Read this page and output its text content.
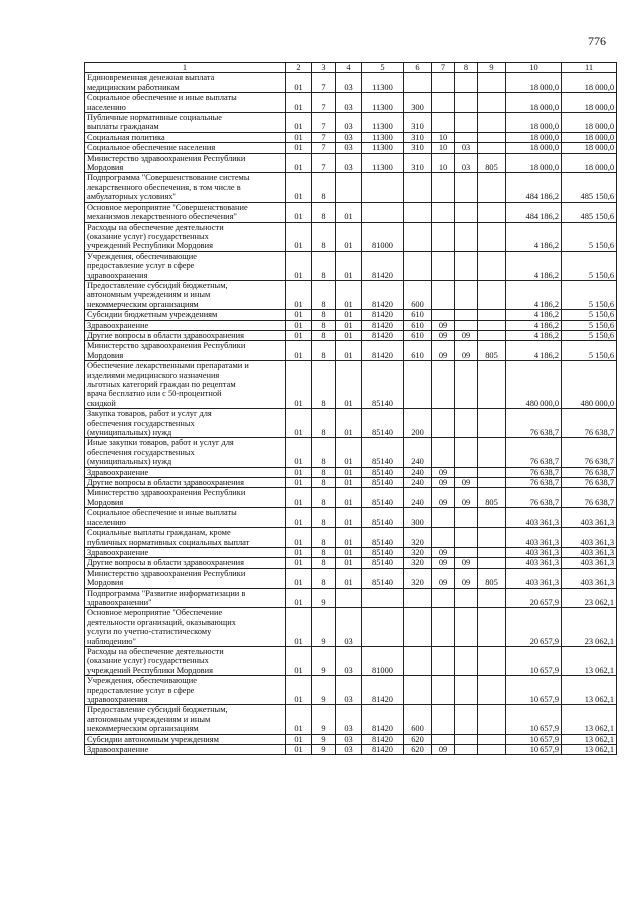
776
1	2	3	4	5	6	7	8	9	10	11
Единовременная денежная выплата
медицинским работникам	01	7	03	11300					18 000,0	18 000,0
Социальное обеспечение и иные выплаты
населению	01	7	03	11300	300				18 000,0	18 000,0
Публичные нормативные социальные
выплаты гражданам	01	7	03	11300	310				18 000,0	18 000,0
Социальная политика	01	7	03	11300	310	10			18 000,0	18 000,0
Социальное обеспечение населения	01	7	03	11300	310	10	03		18 000,0	18 000,0
Министерство здравоохранения Республики
Мордовия	01	7	03	11300	310	10	03	805	18 000,0	18 000,0
Подпрограмма "Совершенствование системы
лекарственного обеспечения, в том числе в
амбулаторных условиях"	01	8							484 186,2	485 150,6
Основное мероприятие "Совершенствование
механизмов лекарственного обеспечения"	01	8	01						484 186,2	485 150,6
Расходы на обеспечение деятельности
(оказание услуг) государственных
учреждений Республики Мордовия	01	8	01	81000					4 186,2	5 150,6
Учреждения, обеспечивающие
предоставление услуг в сфере
здравоохранения	01	8	01	81420					4 186,2	5 150,6
Предоставление субсидий бюджетным,
автономным учреждениям и иным
некоммерческим организациям	01	8	01	81420	600				4 186,2	5 150,6
Субсидии бюджетным учреждениям	01	8	01	81420	610				4 186,2	5 150,6
Здравоохранение	01	8	01	81420	610	09			4 186,2	5 150,6
Другие вопросы в области здравоохранения	01	8	01	81420	610	09	09		4 186,2	5 150,6
Министерство здравоохранения Республики
Мордовия	01	8	01	81420	610	09	09	805	4 186,2	5 150,6
Обеспечение лекарственными препаратами и
изделиями медицинского назначения
льготных категорий граждан по рецептам
врача бесплатно или с 50-процентной
скидкой	01	8	01	85140					480 000,0	480 000,0
Закупка товаров, работ и услуг для
обеспечения государственных
(муниципальных) нужд	01	8	01	85140	200				76 638,7	76 638,7
Иные закупки товаров, работ и услуг для
обеспечения государственных
(муниципальных) нужд	01	8	01	85140	240				76 638,7	76 638,7
Здравоохранение	01	8	01	85140	240	09			76 638,7	76 638,7
Другие вопросы в области здравоохранения	01	8	01	85140	240	09	09		76 638,7	76 638,7
Министерство здравоохранения Республики
Мордовия	01	8	01	85140	240	09	09	805	76 638,7	76 638,7
Социальное обеспечение и иные выплаты
населению	01	8	01	85140	300				403 361,3	403 361,3
Социальные выплаты гражданам, кроме
публичных нормативных социальных выплат	01	8	01	85140	320				403 361,3	403 361,3
Здравоохранение	01	8	01	85140	320	09			403 361,3	403 361,3
Другие вопросы в области здравоохранения	01	8	01	85140	320	09	09		403 361,3	403 361,3
Министерство здравоохранения Республики
Мордовия	01	8	01	85140	320	09	09	805	403 361,3	403 361,3
Подпрограмма "Развитие информатизации в
здравоохранении"	01	9							20 657,9	23 062,1
Основное мероприятие "Обеспечение
деятельности организаций, оказывающих
услуги по учетно-статистическому
наблюдению"	01	9	03						20 657,9	23 062,1
Расходы на обеспечение деятельности
(оказание услуг) государственных
учреждений Республики Мордовия	01	9	03	81000					10 657,9	13 062,1
Учреждения, обеспечивающие
предоставление услуг в сфере
здравоохранения	01	9	03	81420					10 657,9	13 062,1
Предоставление субсидий бюджетным,
автономным учреждениям и иным
некоммерческим организациям	01	9	03	81420	600				10 657,9	13 062,1
Субсидии автономным учреждениям	01	9	03	81420	620				10 657,9	13 062,1
Здравоохранение	01	9	03	81420	620	09			10 657,9	13 062,1
